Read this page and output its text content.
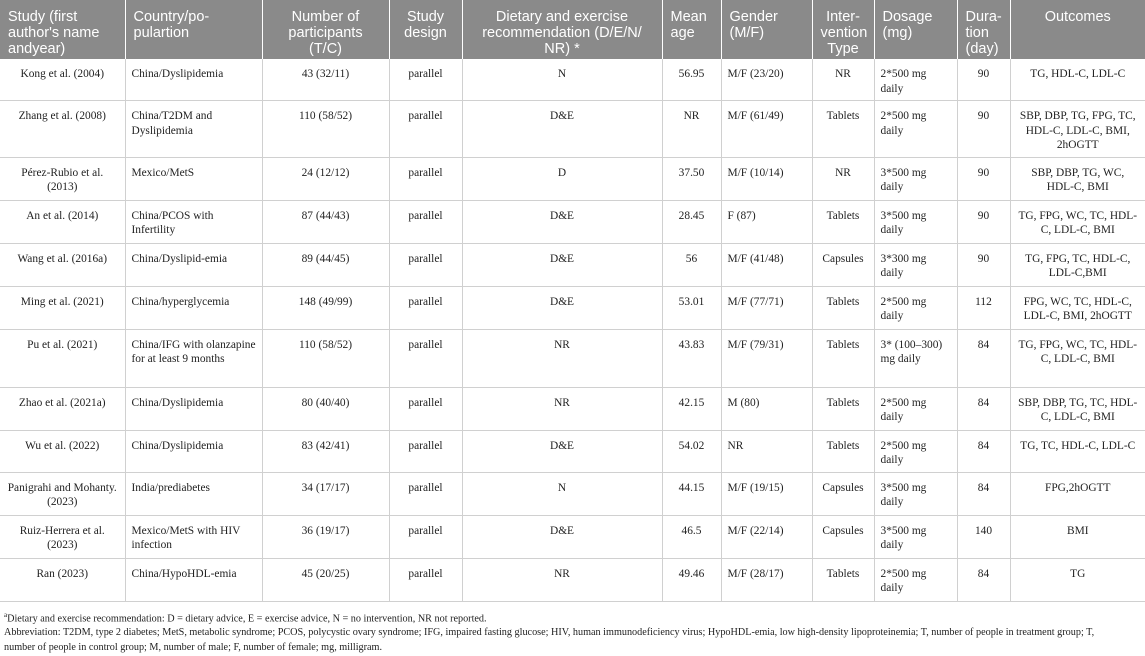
Study (first author's name andyear)	Country/po-pulartion	Number of participants (T/C)	Study design	Dietary and exercise recommendation (D/E/N/ NR) *	Mean age	Gender (M/F)	Inter-vention Type	Dosage (mg)	Dura-tion (day)	Outcomes
Kong et al. (2004)	China/Dyslipidemia	43 (32/11)	parallel	N	56.95	M/F (23/20)	NR	2*500 mg daily	90	TG, HDL-C, LDL-C
Zhang et al. (2008)	China/T2DM and Dyslipidemia	110 (58/52)	parallel	D&E	NR	M/F (61/49)	Tablets	2*500 mg daily	90	SBP, DBP, TG, FPG, TC, HDL-C, LDL-C, BMI, 2hOGTT
Pérez-Rubio et al. (2013)	Mexico/MetS	24 (12/12)	parallel	D	37.50	M/F (10/14)	NR	3*500 mg daily	90	SBP, DBP, TG, WC, HDL-C, BMI
An et al. (2014)	China/PCOS with Infertility	87 (44/43)	parallel	D&E	28.45	F (87)	Tablets	3*500 mg daily	90	TG, FPG, WC, TC, HDL-C, LDL-C, BMI
Wang et al. (2016a)	China/Dyslipid-emia	89 (44/45)	parallel	D&E	56	M/F (41/48)	Capsules	3*300 mg daily	90	TG, FPG, TC, HDL-C, LDL-C,BMI
Ming et al. (2021)	China/hyperglycemia	148 (49/99)	parallel	D&E	53.01	M/F (77/71)	Tablets	2*500 mg daily	112	FPG, WC, TC, HDL-C, LDL-C, BMI, 2hOGTT
Pu et al. (2021)	China/IFG with olanzapine for at least 9 months	110 (58/52)	parallel	NR	43.83	M/F (79/31)	Tablets	3* (100–300) mg daily	84	TG, FPG, WC, TC, HDL-C, LDL-C, BMI
Zhao et al. (2021a)	China/Dyslipidemia	80 (40/40)	parallel	NR	42.15	M (80)	Tablets	2*500 mg daily	84	SBP, DBP, TG, TC, HDL-C, LDL-C, BMI
Wu et al. (2022)	China/Dyslipidemia	83 (42/41)	parallel	D&E	54.02	NR	Tablets	2*500 mg daily	84	TG, TC, HDL-C, LDL-C
Panigrahi and Mohanty. (2023)	India/prediabetes	34 (17/17)	parallel	N	44.15	M/F (19/15)	Capsules	3*500 mg daily	84	FPG,2hOGTT
Ruiz-Herrera et al. (2023)	Mexico/MetS with HIV infection	36 (19/17)	parallel	D&E	46.5	M/F (22/14)	Capsules	3*500 mg daily	140	BMI
Ran (2023)	China/HypoHDL-emia	45 (20/25)	parallel	NR	49.46	M/F (28/17)	Tablets	2*500 mg daily	84	TG
$^a$Dietary and exercise recommendation: D = dietary advice, E = exercise advice, N = no intervention, NR not reported.
Abbreviation: T2DM, type 2 diabetes; MetS, metabolic syndrome; PCOS, polycystic ovary syndrome; IFG, impaired fasting glucose; HIV, human immunodeficiency virus; HypoHDL-emia, low high-density lipoproteinemia; T, number of people in treatment group; T,
number of people in control group; M, number of male; F, number of female; mg, milligram.
